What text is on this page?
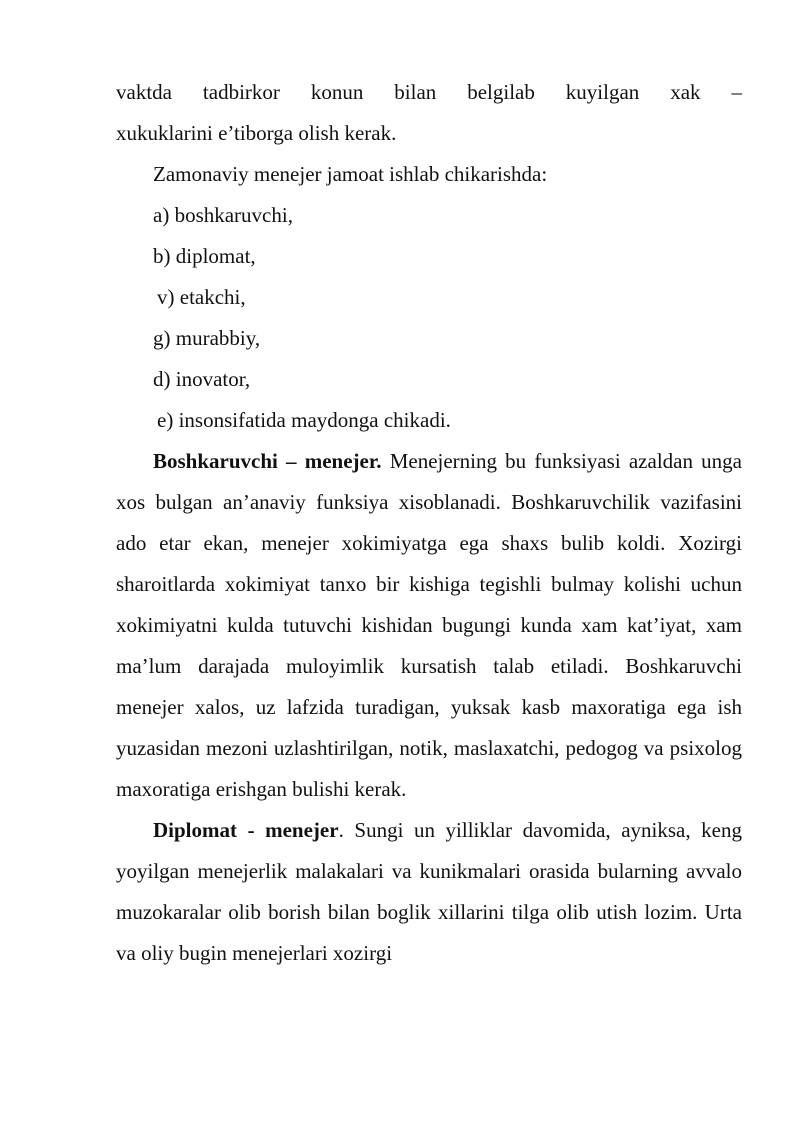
vaktda tadbirkor konun bilan belgilab kuyilgan xak –
xukuklarini e’tiborga olish kerak.

Zamonaviy menejer jamoat ishlab chikarishda:

a) boshkaruvchi,

b) diplomat,

v) etakchi,

g) murabbiy,

d) inovator,

e) insonsifatida maydonga chikadi.

Boshkaruvchi – menejer. Menejerning bu funksiyasi azaldan unga xos bulgan an’anaviy funksiya xisoblanadi. Boshkaruvchilik vazifasini ado etar ekan, menejer xokimiyatga ega shaxs bulib koldi. Xozirgi sharoitlarda xokimiyat tanxo bir kishiga tegishli bulmay kolishi uchun xokimiyatni kulda tutuvchi kishidan bugungi kunda xam kat’iyat, xam ma’lum darajada muloyimlik kursatish talab etiladi. Boshkaruvchi menejer xalos, uz lafzida turadigan, yuksak kasb maxoratiga ega ish yuzasidan mezoni uzlashtirilgan, notik, maslaxatchi, pedogog va psixolog maxoratiga erishgan bulishi kerak.

Diplomat - menejer. Sungi un yilliklar davomida, ayniksa, keng yoyilgan menejerlik malakalari va kunikmalari orasida bularning avvalo muzokaralar olib borish bilan boglik xillarini tilga olib utish lozim. Urta va oliy bugin menejerlari xozirgi
